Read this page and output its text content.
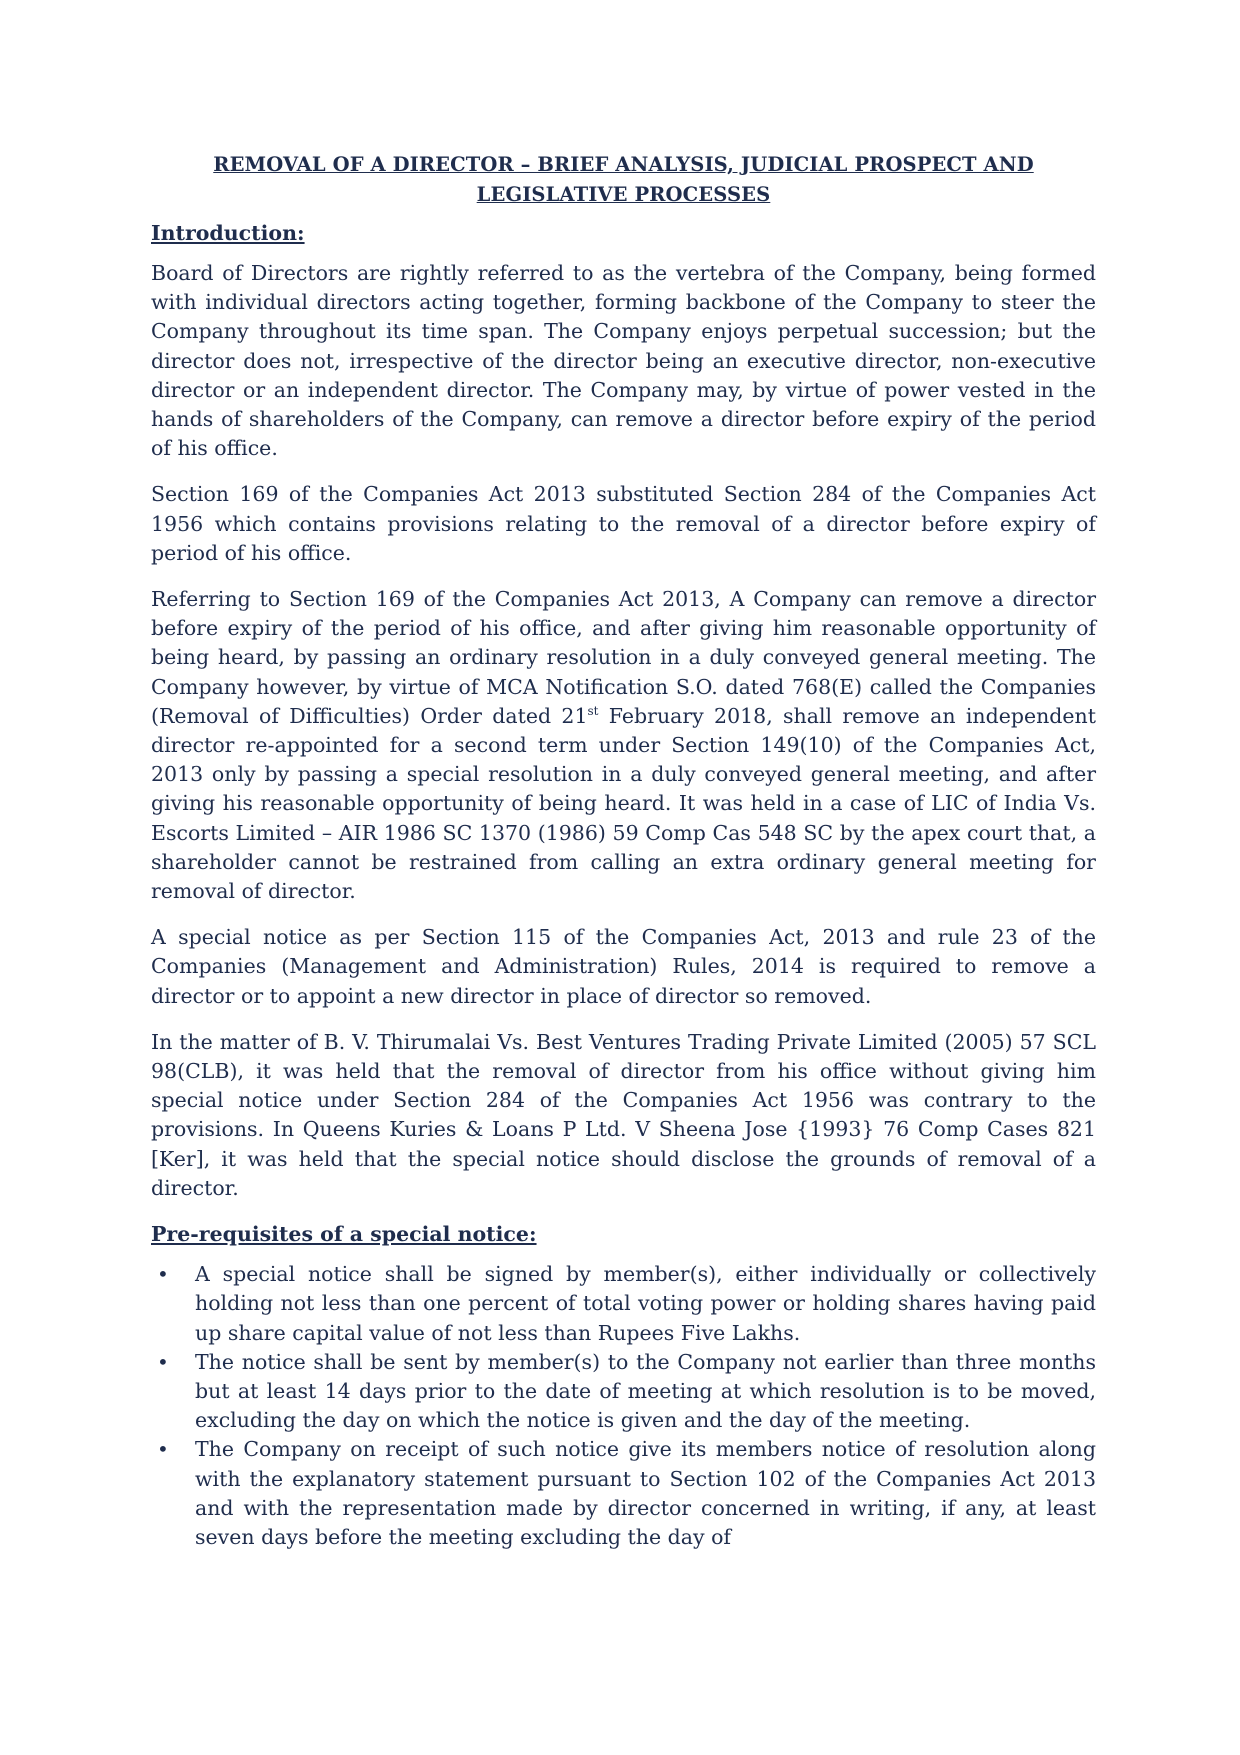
REMOVAL OF A DIRECTOR – BRIEF ANALYSIS, JUDICIAL PROSPECT AND LEGISLATIVE PROCESSES
Introduction:

Board of Directors are rightly referred to as the vertebra of the Company, being formed with individual directors acting together, forming backbone of the Company to steer the Company throughout its time span. The Company enjoys perpetual succession; but the director does not, irrespective of the director being an executive director, non-executive director or an independent director. The Company may, by virtue of power vested in the hands of shareholders of the Company, can remove a director before expiry of the period of his office.

Section 169 of the Companies Act 2013 substituted Section 284 of the Companies Act 1956 which contains provisions relating to the removal of a director before expiry of period of his office.

Referring to Section 169 of the Companies Act 2013, A Company can remove a director before expiry of the period of his office, and after giving him reasonable opportunity of being heard, by passing an ordinary resolution in a duly conveyed general meeting. The Company however, by virtue of MCA Notification S.O. dated 768(E) called the Companies (Removal of Difficulties) Order dated 21st February 2018, shall remove an independent director re-appointed for a second term under Section 149(10) of the Companies Act, 2013 only by passing a special resolution in a duly conveyed general meeting, and after giving his reasonable opportunity of being heard. It was held in a case of LIC of India Vs. Escorts Limited – AIR 1986 SC 1370 (1986) 59 Comp Cas 548 SC by the apex court that, a shareholder cannot be restrained from calling an extra ordinary general meeting for removal of director.

A special notice as per Section 115 of the Companies Act, 2013 and rule 23 of the Companies (Management and Administration) Rules, 2014 is required to remove a director or to appoint a new director in place of director so removed.

In the matter of B. V. Thirumalai Vs. Best Ventures Trading Private Limited (2005) 57 SCL 98(CLB), it was held that the removal of director from his office without giving him special notice under Section 284 of the Companies Act 1956 was contrary to the provisions. In Queens Kuries & Loans P Ltd. V Sheena Jose {1993} 76 Comp Cases 821 [Ker], it was held that the special notice should disclose the grounds of removal of a director.

Pre-requisites of a special notice:
• A special notice shall be signed by member(s), either individually or collectively holding not less than one percent of total voting power or holding shares having paid up share capital value of not less than Rupees Five Lakhs.
• The notice shall be sent by member(s) to the Company not earlier than three months but at least 14 days prior to the date of meeting at which resolution is to be moved, excluding the day on which the notice is given and the day of the meeting.
• The Company on receipt of such notice give its members notice of resolution along with the explanatory statement pursuant to Section 102 of the Companies Act 2013 and with the representation made by director concerned in writing, if any, at least seven days before the meeting excluding the day of
